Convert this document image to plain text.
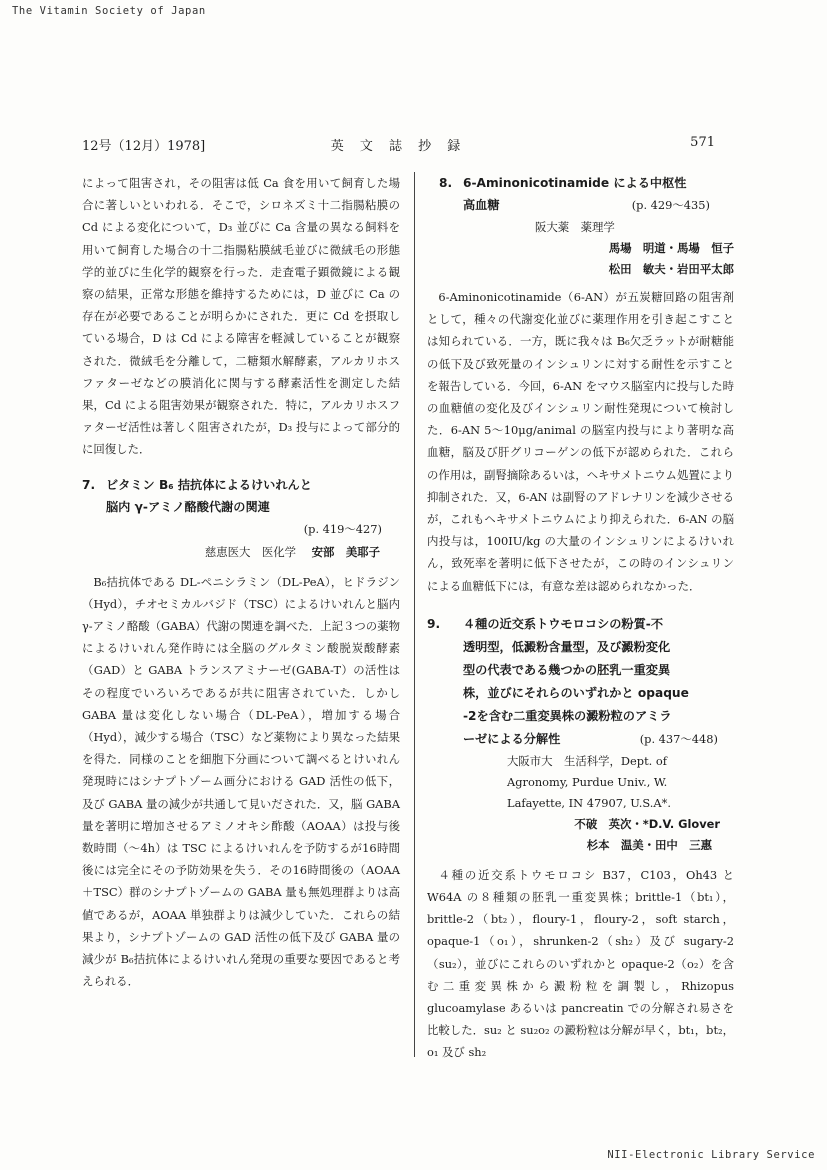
The Vitamin Society of Japan
12号（12月）1978]	英 文 誌 抄 録	571

によって阻害され，その阻害は低 Ca 食を用いて飼育した場合に著しいといわれる．そこで，シロネズミ十二指腸粘膜の Cd による変化について，D₃ 並びに Ca 含量の異なる飼料を用いて飼育した場合の十二指腸粘膜絨毛並びに微絨毛の形態学的並びに生化学的観察を行った．走査電子顕微鏡による観察の結果，正常な形態を維持するためには，D 並びに Ca の存在が必要であることが明らかにされた．更に Cd を摂取している場合，D は Cd による障害を軽減していることが観察された．微絨毛を分離して，二糖類水解酵素，アルカリホスファターゼなどの膜消化に関与する酵素活性を測定した結果，Cd による阻害効果が観察された．特に，アルカリホスファターゼ活性は著しく阻害されたが，D₃ 投与によって部分的に回復した．

7. ビタミン B₆ 拮抗体によるけいれんと
脳内 γ-アミノ酪酸代謝の関連
(p. 419～427)
慈恵医大　医化学 安部　美耶子

B₆拮抗体である DL-ペニシラミン（DL-PeA），ヒドラジン（Hyd），チオセミカルバジド（TSC）によるけいれんと脳内 γ-アミノ酪酸（GABA）代謝の関連を調べた．上記３つの薬物によるけいれん発作時には全脳のグルタミン酸脱炭酸酵素（GAD）と GABA トランスアミナーゼ(GABA-T）の活性はその程度でいろいろであるが共に阻害されていた．しかし GABA 量は変化しない場合（DL-PeA），増加する場合（Hyd），減少する場合（TSC）など薬物により異なった結果を得た．同様のことを細胞下分画について調べるとけいれん発現時にはシナプトゾーム画分における GAD 活性の低下，及び GABA 量の減少が共通して見いだされた．又，脳 GABA 量を著明に増加させるアミノオキシ酢酸（AOAA）は投与後数時間（～4h）は TSC によるけいれんを予防するが16時間後には完全にその予防効果を失う．その16時間後の（AOAA＋TSC）群のシナプトゾームの GABA 量も無処理群よりは高値であるが，AOAA 単独群よりは減少していた．これらの結果より，シナプトゾームの GAD 活性の低下及び GABA 量の減少が B₆拮抗体によるけいれん発現の重要な要因であると考えられる．

8. 6-Aminonicotinamide による中枢性
高血糖	(p. 429～435)
阪大薬　薬理学
馬場　明道・馬場　恒子
松田　敏夫・岩田平太郎

6-Aminonicotinamide（6-AN）が五炭糖回路の阻害剤として，種々の代謝変化並びに薬理作用を引き起こすことは知られている．一方，既に我々は B₆欠乏ラットが耐糖能の低下及び致死量のインシュリンに対する耐性を示すことを報告している．今回，6-AN をマウス脳室内に投与した時の血糖値の変化及びインシュリン耐性発現について検討した．6-AN 5～10μg/animal の脳室内投与により著明な高血糖，脳及び肝グリコーゲンの低下が認められた．これらの作用は，副腎摘除あるいは，ヘキサメトニウム処置により抑制された．又，6-AN は副腎のアドレナリンを減少させるが，これもヘキサメトニウムにより抑えられた．6-AN の脳内投与は，100IU/kg の大量のインシュリンによるけいれん，致死率を著明に低下させたが，この時のインシュリンによる血糖低下には，有意な差は認められなかった．

9. ４種の近交系トウモロコシの粉質-不
透明型，低澱粉含量型，及び澱粉変化
型の代表である幾つかの胚乳一重変異
株，並びにそれらのいずれかと opaque
-2を含む二重変異株の澱粉粒のアミラ
ーゼによる分解性	(p. 437～448)
大阪市大　生活科学，Dept. of
Agronomy, Purdue Univ., W.
Lafayette, IN 47907, U.S.A*.
不破　英次・*D.V. Glover
杉本　温美・田中　三惠

４種の近交系トウモロコシ B37，C103，Oh43 と W64A の８種類の胚乳一重変異株；brittle-1（bt₁），brittle-2（bt₂），floury-1，floury-2，soft starch，opaque-1（o₁），shrunken-2（sh₂）及び sugary-2（su₂），並びにこれらのいずれかと opaque-2（o₂）を含む二重変異株から澱粉粒を調製し，Rhizopus glucoamylase あるいは pancreatin での分解され易さを比較した．su₂ と su₂o₂ の澱粉粒は分解が早く，bt₁，bt₂，o₁ 及び sh₂

NII-Electronic Library Service
